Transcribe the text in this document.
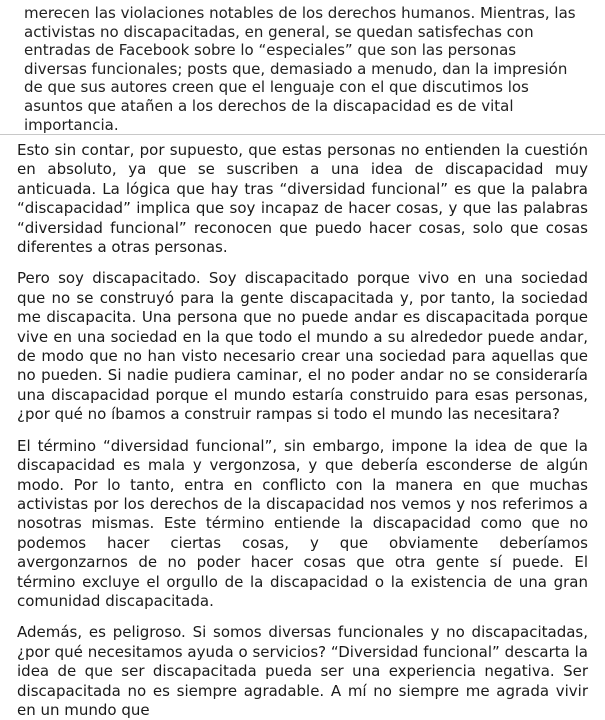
merecen las violaciones notables de los derechos humanos. Mientras, las activistas no discapacitadas, en general, se quedan satisfechas con entradas de Facebook sobre lo “especiales” que son las personas diversas funcionales; posts que, demasiado a menudo, dan la impresión de que sus autores creen que el lenguaje con el que discutimos los asuntos que atañen a los derechos de la discapacidad es de vital importancia.

Esto sin contar, por supuesto, que estas personas no entienden la cuestión en absoluto, ya que se suscriben a una idea de discapacidad muy anticuada. La lógica que hay tras “diversidad funcional” es que la palabra “discapacidad” implica que soy incapaz de hacer cosas, y que las palabras “diversidad funcional” reconocen que puedo hacer cosas, solo que cosas diferentes a otras personas.

Pero soy discapacitado. Soy discapacitado porque vivo en una sociedad que no se construyó para la gente discapacitada y, por tanto, la sociedad me discapacita. Una persona que no puede andar es discapacitada porque vive en una sociedad en la que todo el mundo a su alrededor puede andar, de modo que no han visto necesario crear una sociedad para aquellas que no pueden. Si nadie pudiera caminar, el no poder andar no se consideraría una discapacidad porque el mundo estaría construido para esas personas, ¿por qué no íbamos a construir rampas si todo el mundo las necesitara?

El término “diversidad funcional”, sin embargo, impone la idea de que la discapacidad es mala y vergonzosa, y que debería esconderse de algún modo. Por lo tanto, entra en conflicto con la manera en que muchas activistas por los derechos de la discapacidad nos vemos y nos referimos a nosotras mismas. Este término entiende la discapacidad como que no podemos hacer ciertas cosas, y que obviamente deberíamos avergonzarnos de no poder hacer cosas que otra gente sí puede. El término excluye el orgullo de la discapacidad o la existencia de una gran comunidad discapacitada.

Además, es peligroso. Si somos diversas funcionales y no discapacitadas, ¿por qué necesitamos ayuda o servicios? “Diversidad funcional” descarta la idea de que ser discapacitada pueda ser una experiencia negativa. Ser discapacitada no es siempre agradable. A mí no siempre me agrada vivir en un mundo que
